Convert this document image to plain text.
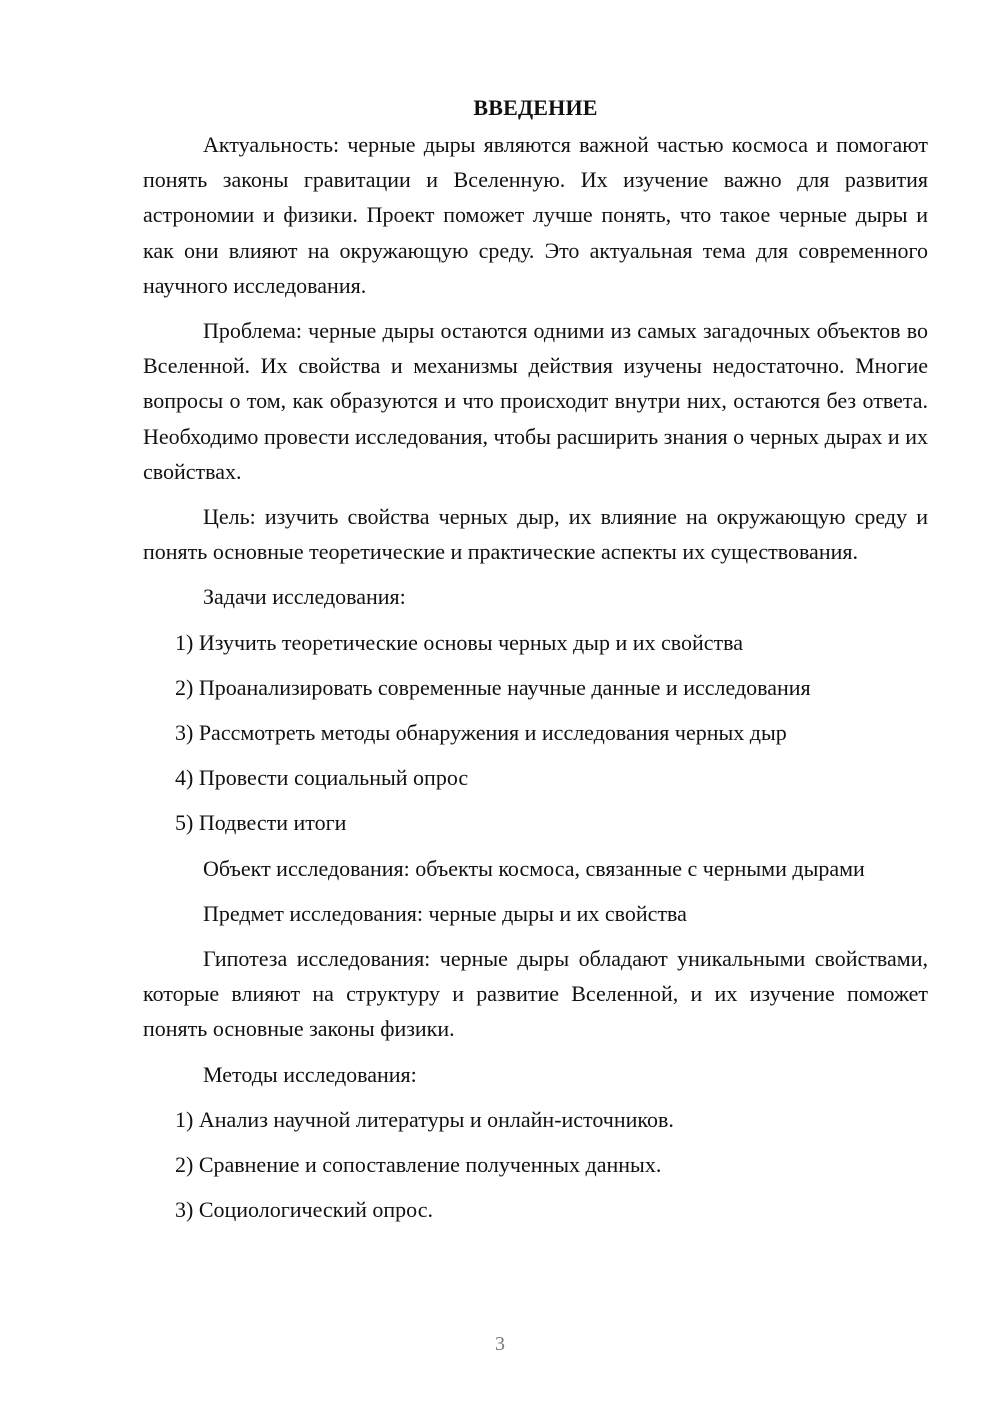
ВВЕДЕНИЕ

Актуальность: черные дыры являются важной частью космоса и помогают понять законы гравитации и Вселенную. Их изучение важно для развития астрономии и физики. Проект поможет лучше понять, что такое черные дыры и как они влияют на окружающую среду. Это актуальная тема для современного научного исследования.

Проблема: черные дыры остаются одними из самых загадочных объектов во Вселенной. Их свойства и механизмы действия изучены недостаточно. Многие вопросы о том, как образуются и что происходит внутри них, остаются без ответа. Необходимо провести исследования, чтобы расширить знания о черных дырах и их свойствах.

Цель: изучить свойства черных дыр, их влияние на окружающую среду и понять основные теоретические и практические аспекты их существования.

Задачи исследования:

1) Изучить теоретические основы черных дыр и их свойства
2) Проанализировать современные научные данные и исследования
3) Рассмотреть методы обнаружения и исследования черных дыр
4) Провести социальный опрос
5) Подвести итоги

Объект исследования: объекты космоса, связанные с черными дырами

Предмет исследования: черные дыры и их свойства

Гипотеза исследования: черные дыры обладают уникальными свойствами, которые влияют на структуру и развитие Вселенной, и их изучение поможет понять основные законы физики.

Методы исследования:

1) Анализ научной литературы и онлайн-источников.
2) Сравнение и сопоставление полученных данных.
3) Социологический опрос.
3
